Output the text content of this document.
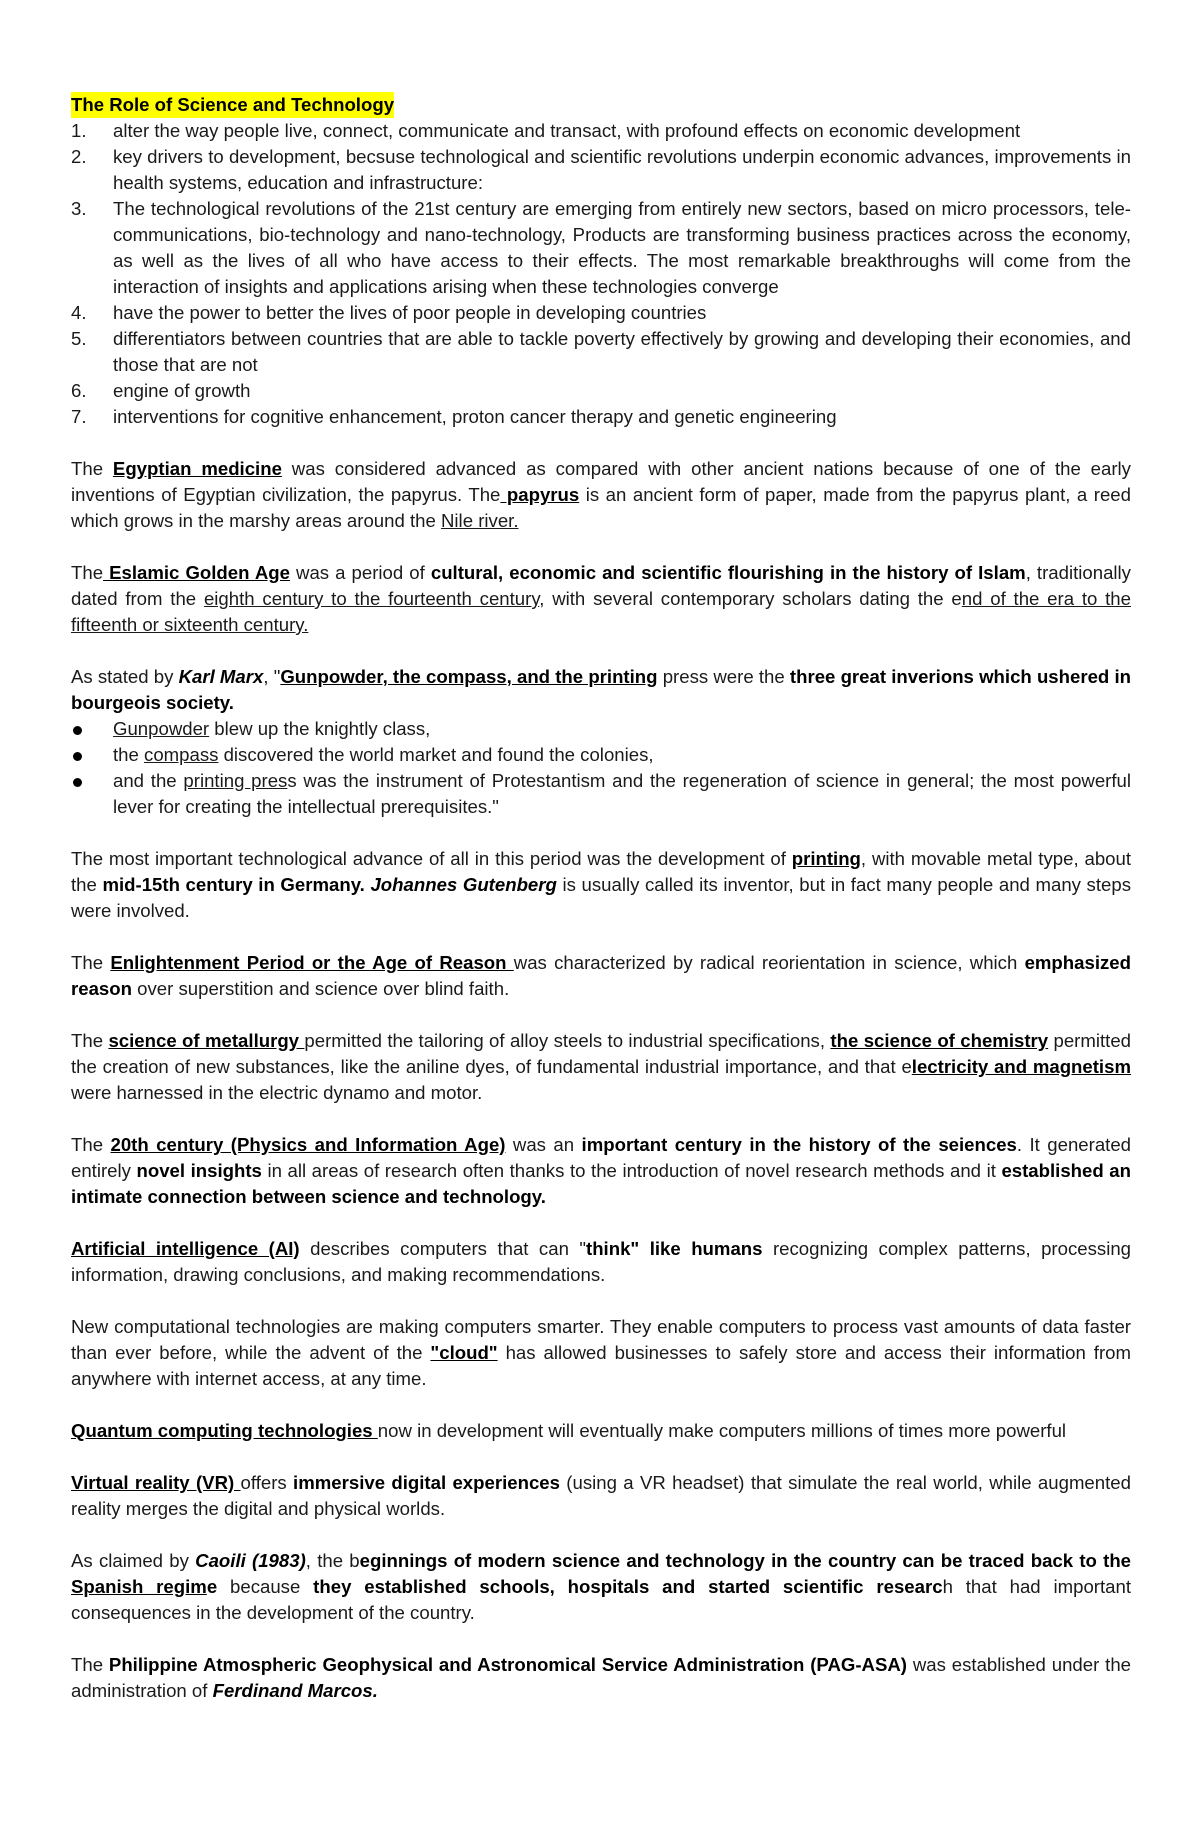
The Role of Science and Technology
1. alter the way people live, connect, communicate and transact, with profound effects on economic development
2. key drivers to development, becsuse technological and scientific revolutions underpin economic advances, improvements in health systems, education and infrastructure:
3. The technological revolutions of the 21st century are emerging from entirely new sectors, based on micro processors, tele-communications, bio-technology and nano-technology, Products are transforming business practices across the economy, as well as the lives of all who have access to their effects. The most remarkable breakthroughs will come from the interaction of insights and applications arising when these technologies converge
4. have the power to better the lives of poor people in developing countries
5. differentiators between countries that are able to tackle poverty effectively by growing and developing their economies, and those that are not
6. engine of growth
7. interventions for cognitive enhancement, proton cancer therapy and genetic engineering

The Egyptian medicine was considered advanced as compared with other ancient nations because of one of the early inventions of Egyptian civilization, the papyrus. The papyrus is an ancient form of paper, made from the papyrus plant, a reed which grows in the marshy areas around the Nile river.

The Eslamic Golden Age was a period of cultural, economic and scientific flourishing in the history of Islam, traditionally dated from the eighth century to the fourteenth century, with several contemporary scholars dating the end of the era to the fifteenth or sixteenth century.

As stated by Karl Marx, "Gunpowder, the compass, and the printing press were the three great inverions which ushered in bourgeois society.

Gunpowder blew up the knightly class,
the compass discovered the world market and found the colonies,
and the printing press was the instrument of Protestantism and the regeneration of science in general; the most powerful lever for creating the intellectual prerequisites."

The most important technological advance of all in this period was the development of printing, with movable metal type, about the mid-15th century in Germany. Johannes Gutenberg is usually called its inventor, but in fact many people and many steps were involved.

The Enlightenment Period or the Age of Reason was characterized by radical reorientation in science, which emphasized reason over superstition and science over blind faith.

The science of metallurgy permitted the tailoring of alloy steels to industrial specifications, the science of chemistry permitted the creation of new substances, like the aniline dyes, of fundamental industrial importance, and that electricity and magnetism were harnessed in the electric dynamo and motor.

The 20th century (Physics and Information Age) was an important century in the history of the seiences. It generated entirely novel insights in all areas of research often thanks to the introduction of novel research methods and it established an intimate connection between science and technology.

Artificial intelligence (AI) describes computers that can "think" like humans recognizing complex patterns, processing information, drawing conclusions, and making recommendations.

New computational technologies are making computers smarter. They enable computers to process vast amounts of data faster than ever before, while the advent of the "cloud" has allowed businesses to safely store and access their information from anywhere with internet access, at any time.

Quantum computing technologies now in development will eventually make computers millions of times more powerful

Virtual reality (VR) offers immersive digital experiences (using a VR headset) that simulate the real world, while augmented reality merges the digital and physical worlds.

As claimed by Caoili (1983), the beginnings of modern science and technology in the country can be traced back to the Spanish regime because they established schools, hospitals and started scientific research that had important consequences in the development of the country.

The Philippine Atmospheric Geophysical and Astronomical Service Administration (PAG-ASA) was established under the administration of Ferdinand Marcos.
